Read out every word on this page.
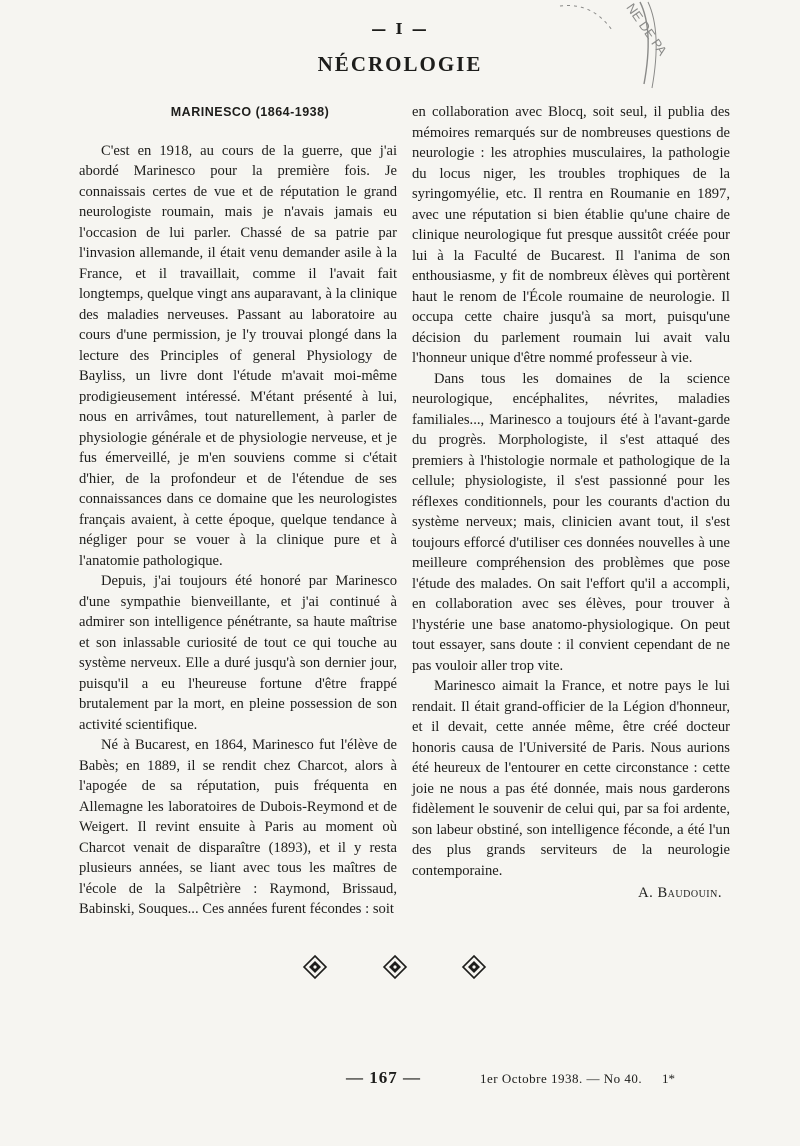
NE DE PA
— I —
NÉCROLOGIE
MARINESCO (1864-1938)

C'est en 1918, au cours de la guerre, que j'ai abordé Marinesco pour la première fois. Je connaissais certes de vue et de réputation le grand neurologiste roumain, mais je n'avais jamais eu l'occasion de lui parler. Chassé de sa patrie par l'invasion allemande, il était venu demander asile à la France, et il travaillait, comme il l'avait fait longtemps, quelque vingt ans auparavant, à la clinique des maladies nerveuses. Passant au laboratoire au cours d'une permission, je l'y trouvai plongé dans la lecture des Principles of general Physiology de Bayliss, un livre dont l'étude m'avait moi-même prodigieusement intéressé. M'étant présenté à lui, nous en arrivâmes, tout naturellement, à parler de physiologie générale et de physiologie nerveuse, et je fus émerveillé, je m'en souviens comme si c'était d'hier, de la profondeur et de l'étendue de ses connaissances dans ce domaine que les neurologistes français avaient, à cette époque, quelque tendance à négliger pour se vouer à la clinique pure et à l'anatomie pathologique.

Depuis, j'ai toujours été honoré par Marinesco d'une sympathie bienveillante, et j'ai continué à admirer son intelligence pénétrante, sa haute maîtrise et son inlassable curiosité de tout ce qui touche au système nerveux. Elle a duré jusqu'à son dernier jour, puisqu'il a eu l'heureuse fortune d'être frappé brutalement par la mort, en pleine possession de son activité scientifique.

Né à Bucarest, en 1864, Marinesco fut l'élève de Babès; en 1889, il se rendit chez Charcot, alors à l'apogée de sa réputation, puis fréquenta en Allemagne les laboratoires de Dubois-Reymond et de Weigert. Il revint ensuite à Paris au moment où Charcot venait de disparaître (1893), et il y resta plusieurs années, se liant avec tous les maîtres de l'école de la Salpêtrière : Raymond, Brissaud, Babinski, Souques... Ces années furent fécondes : soit

en collaboration avec Blocq, soit seul, il publia des mémoires remarqués sur de nombreuses questions de neurologie : les atrophies musculaires, la pathologie du locus niger, les troubles trophiques de la syringomyélie, etc. Il rentra en Roumanie en 1897, avec une réputation si bien établie qu'une chaire de clinique neurologique fut presque aussitôt créée pour lui à la Faculté de Bucarest. Il l'anima de son enthousiasme, y fit de nombreux élèves qui portèrent haut le renom de l'École roumaine de neurologie. Il occupa cette chaire jusqu'à sa mort, puisqu'une décision du parlement roumain lui avait valu l'honneur unique d'être nommé professeur à vie.

Dans tous les domaines de la science neurologique, encéphalites, névrites, maladies familiales..., Marinesco a toujours été à l'avant-garde du progrès. Morphologiste, il s'est attaqué des premiers à l'histologie normale et pathologique de la cellule; physiologiste, il s'est passionné pour les réflexes conditionnels, pour les courants d'action du système nerveux; mais, clinicien avant tout, il s'est toujours efforcé d'utiliser ces données nouvelles à une meilleure compréhension des problèmes que pose l'étude des malades. On sait l'effort qu'il a accompli, en collaboration avec ses élèves, pour trouver à l'hystérie une base anatomo-physiologique. On peut tout essayer, sans doute : il convient cependant de ne pas vouloir aller trop vite.

Marinesco aimait la France, et notre pays le lui rendait. Il était grand-officier de la Légion d'honneur, et il devait, cette année même, être créé docteur honoris causa de l'Université de Paris. Nous aurions été heureux de l'entourer en cette circonstance : cette joie ne nous a pas été donnée, mais nous garderons fidèlement le souvenir de celui qui, par sa foi ardente, son labeur obstiné, son intelligence féconde, a été l'un des plus grands serviteurs de la neurologie contemporaine.

A. Baudouin.
— 167 —	1er Octobre 1938. — No 40. 1*
